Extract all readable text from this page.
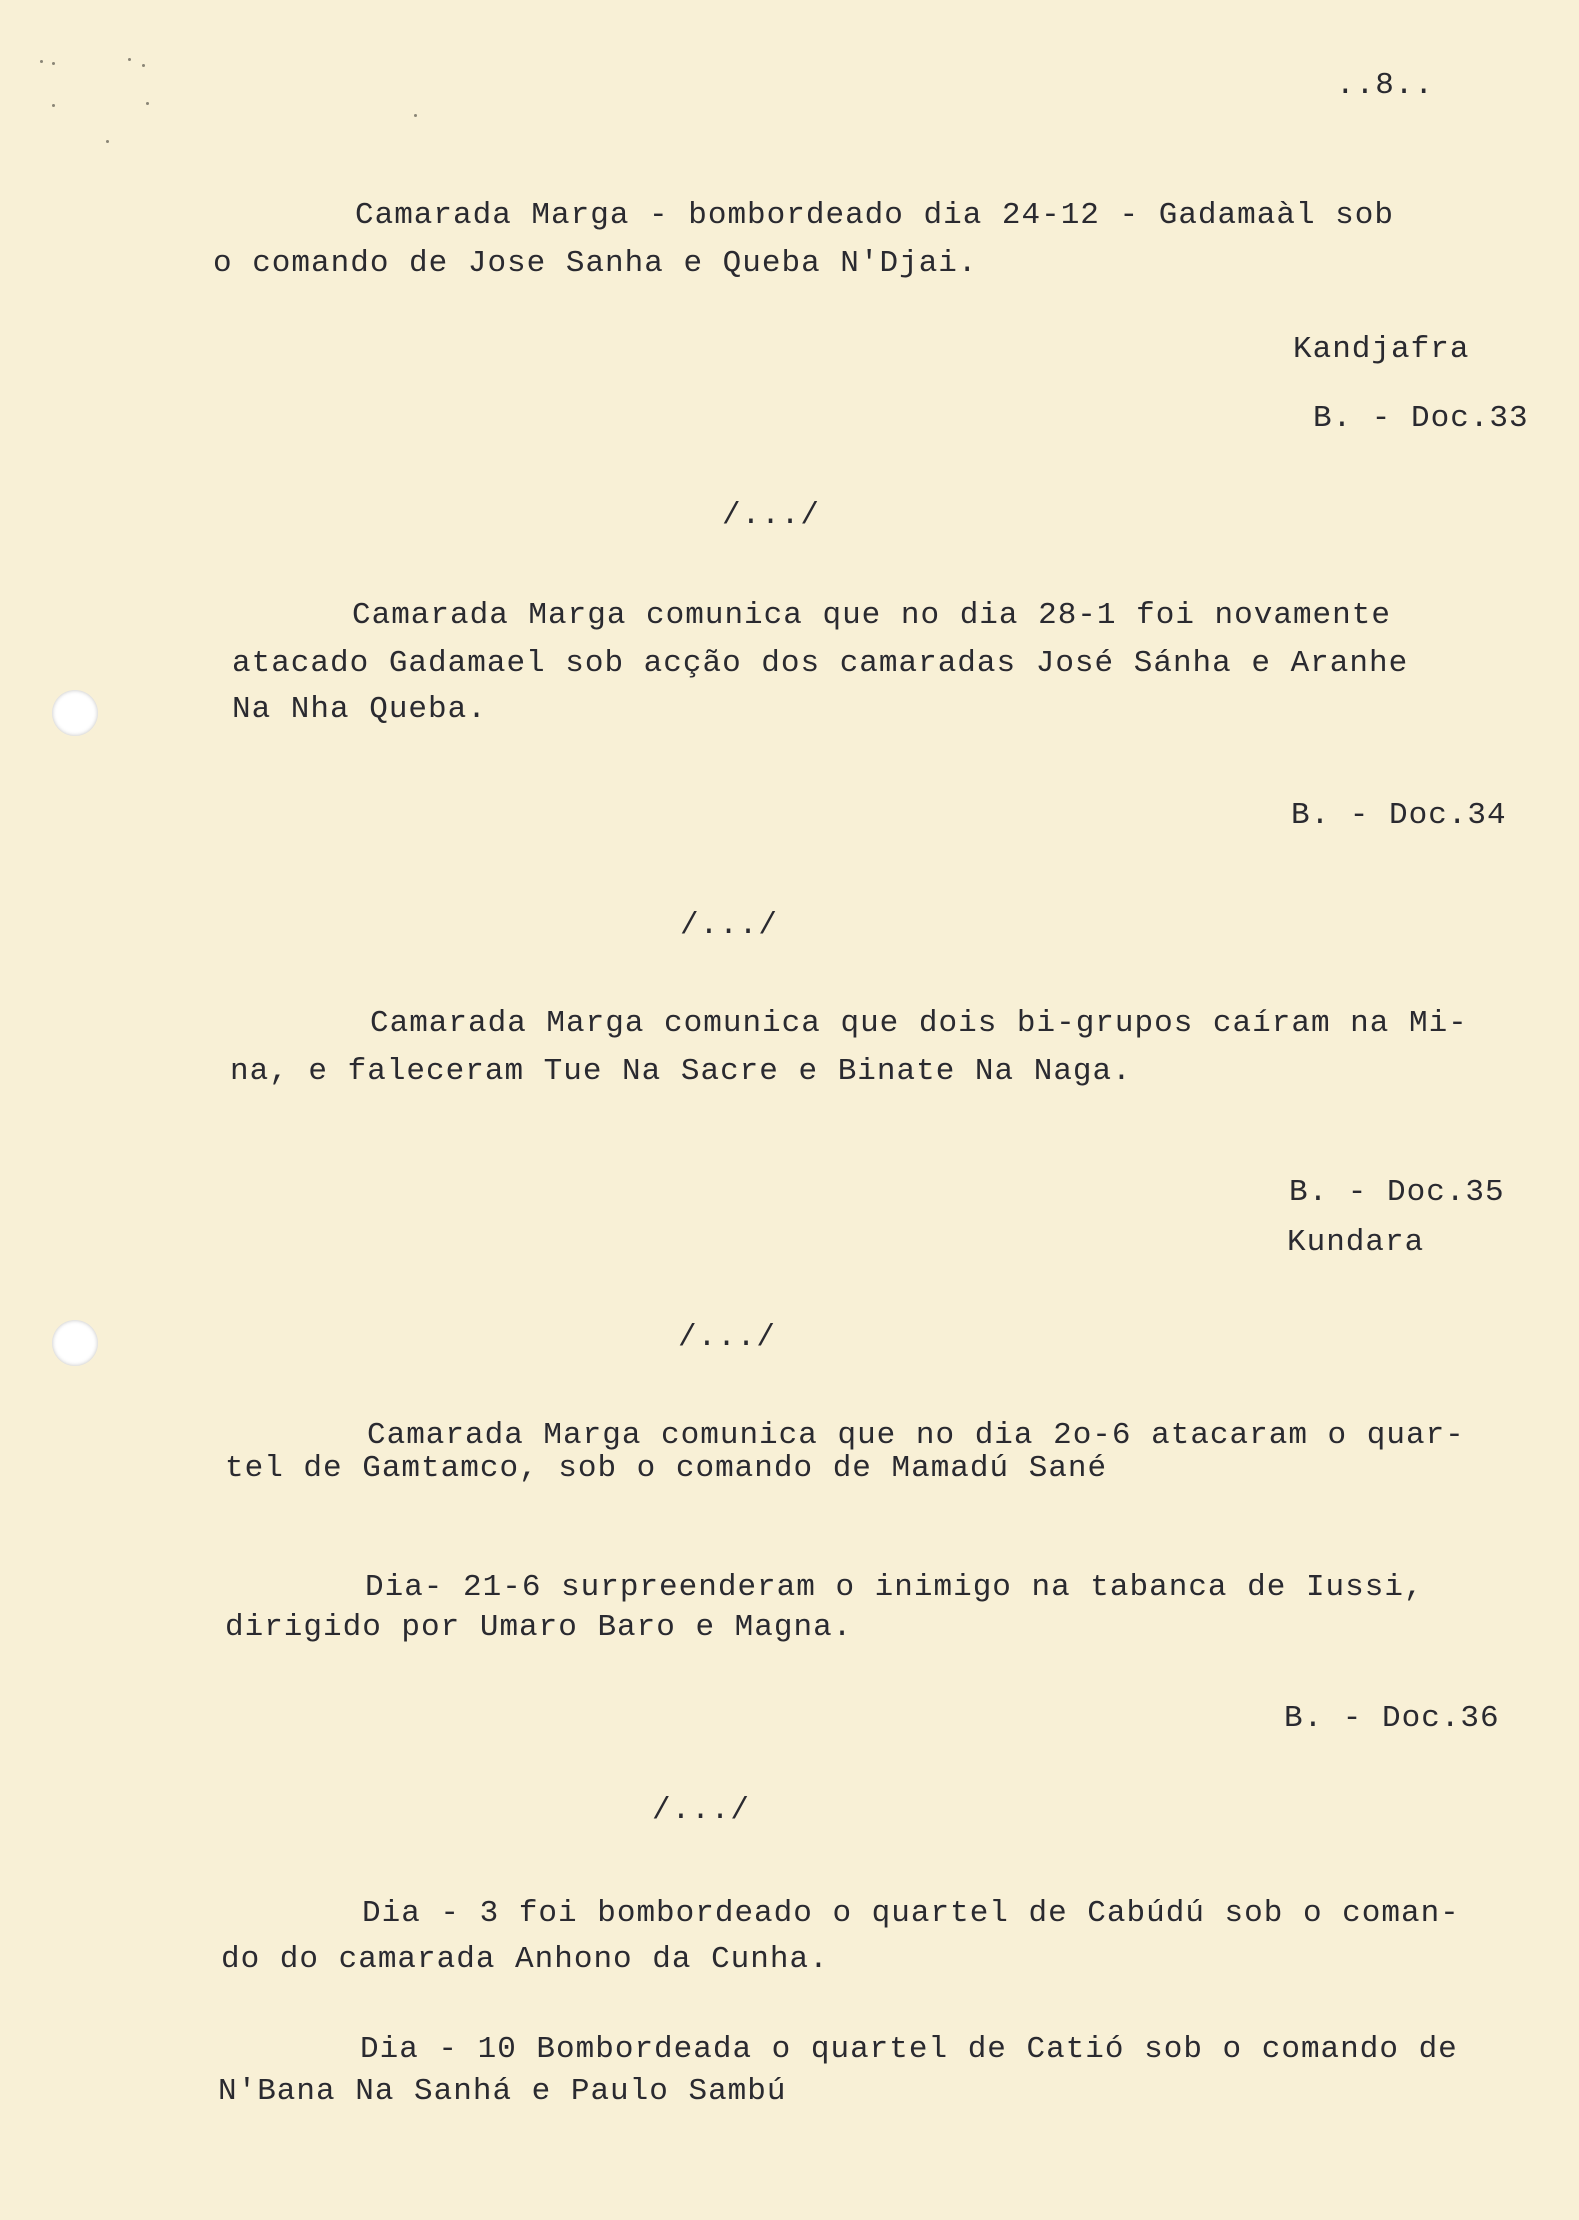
..8..
Camarada Marga - bombordeado dia 24-12 - Gadamaàl sob
o comando de Jose Sanha e Queba N'Djai.
Kandjafra
B. - Doc.33
/.../
Camarada Marga comunica que no dia 28-1 foi novamente
atacado Gadamael sob acção dos camaradas José Sánha e Aranhe
Na Nha Queba.
B. - Doc.34
/.../
Camarada Marga comunica que dois bi-grupos caíram na Mi-
na, e faleceram Tue Na Sacre e Binate Na Naga.
B. - Doc.35
Kundara
/.../
Camarada Marga comunica que no dia 2o-6 atacaram o quar-
tel de Gamtamco, sob o comando de Mamadú Sané
Dia- 21-6 surpreenderam o inimigo na tabanca de Iussi,
dirigido por Umaro Baro e Magna.
B. - Doc.36
/.../
Dia - 3 foi bombordeado o quartel de Cabúdú sob o coman-
do do camarada Anhono da Cunha.
Dia - 10 Bombordeada o quartel de Catió sob o comando de
N'Bana Na Sanhá e Paulo Sambú
